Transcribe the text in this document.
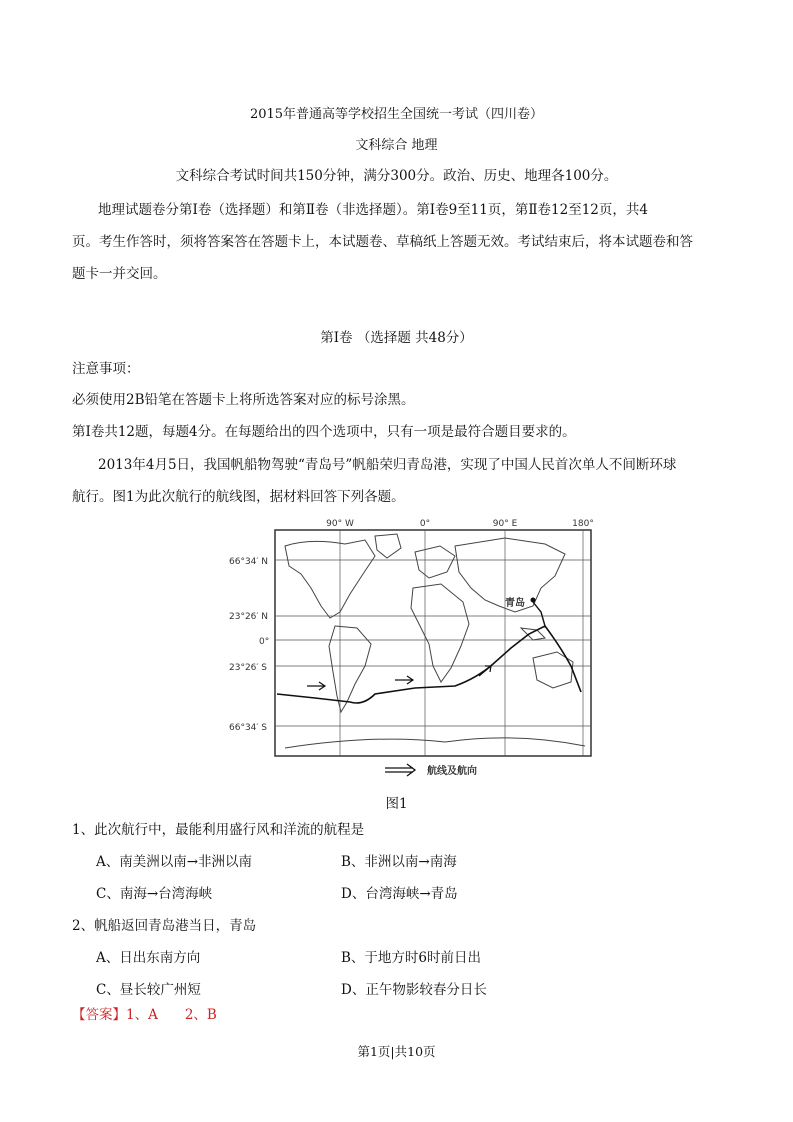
2015年普通高等学校招生全国统一考试（四川卷）
文科综合 地理
文科综合考试时间共150分钟，满分300分。政治、历史、地理各100分。
地理试题卷分第Ⅰ卷（选择题）和第Ⅱ卷（非选择题）。第Ⅰ卷9至11页，第Ⅱ卷12至12页，共4
页。考生作答时，须将答案答在答题卡上，本试题卷、草稿纸上答题无效。考试结束后，将本试题卷和答
题卡一并交回。
第Ⅰ卷 （选择题 共48分）
注意事项：
必须使用2B铅笔在答题卡上将所选答案对应的标号涂黑。
第Ⅰ卷共12题，每题4分。在每题给出的四个选项中，只有一项是最符合题目要求的。
2013年4月5日，我国帆船物驾驶“青岛号”帆船荣归青岛港，实现了中国人民首次单人不间断环球
航行。图1为此次航行的航线图，据材料回答下列各题。
90° W	0°	90° E	180°
66°34′ N
23°26′ N
0°
23°26′ S
66°34′ S
青岛
航线及航向
图1
1、此次航行中，最能利用盛行风和洋流的航程是
A、南美洲以南→非洲以南	B、非洲以南→南海
C、南海→台湾海峡	D、台湾海峡→青岛
2、帆船返回青岛港当日，青岛
A、日出东南方向	B、于地方时6时前日出
C、昼长较广州短	D、正午物影较春分日长
【答案】1、A　　2、B
第1页|共10页
